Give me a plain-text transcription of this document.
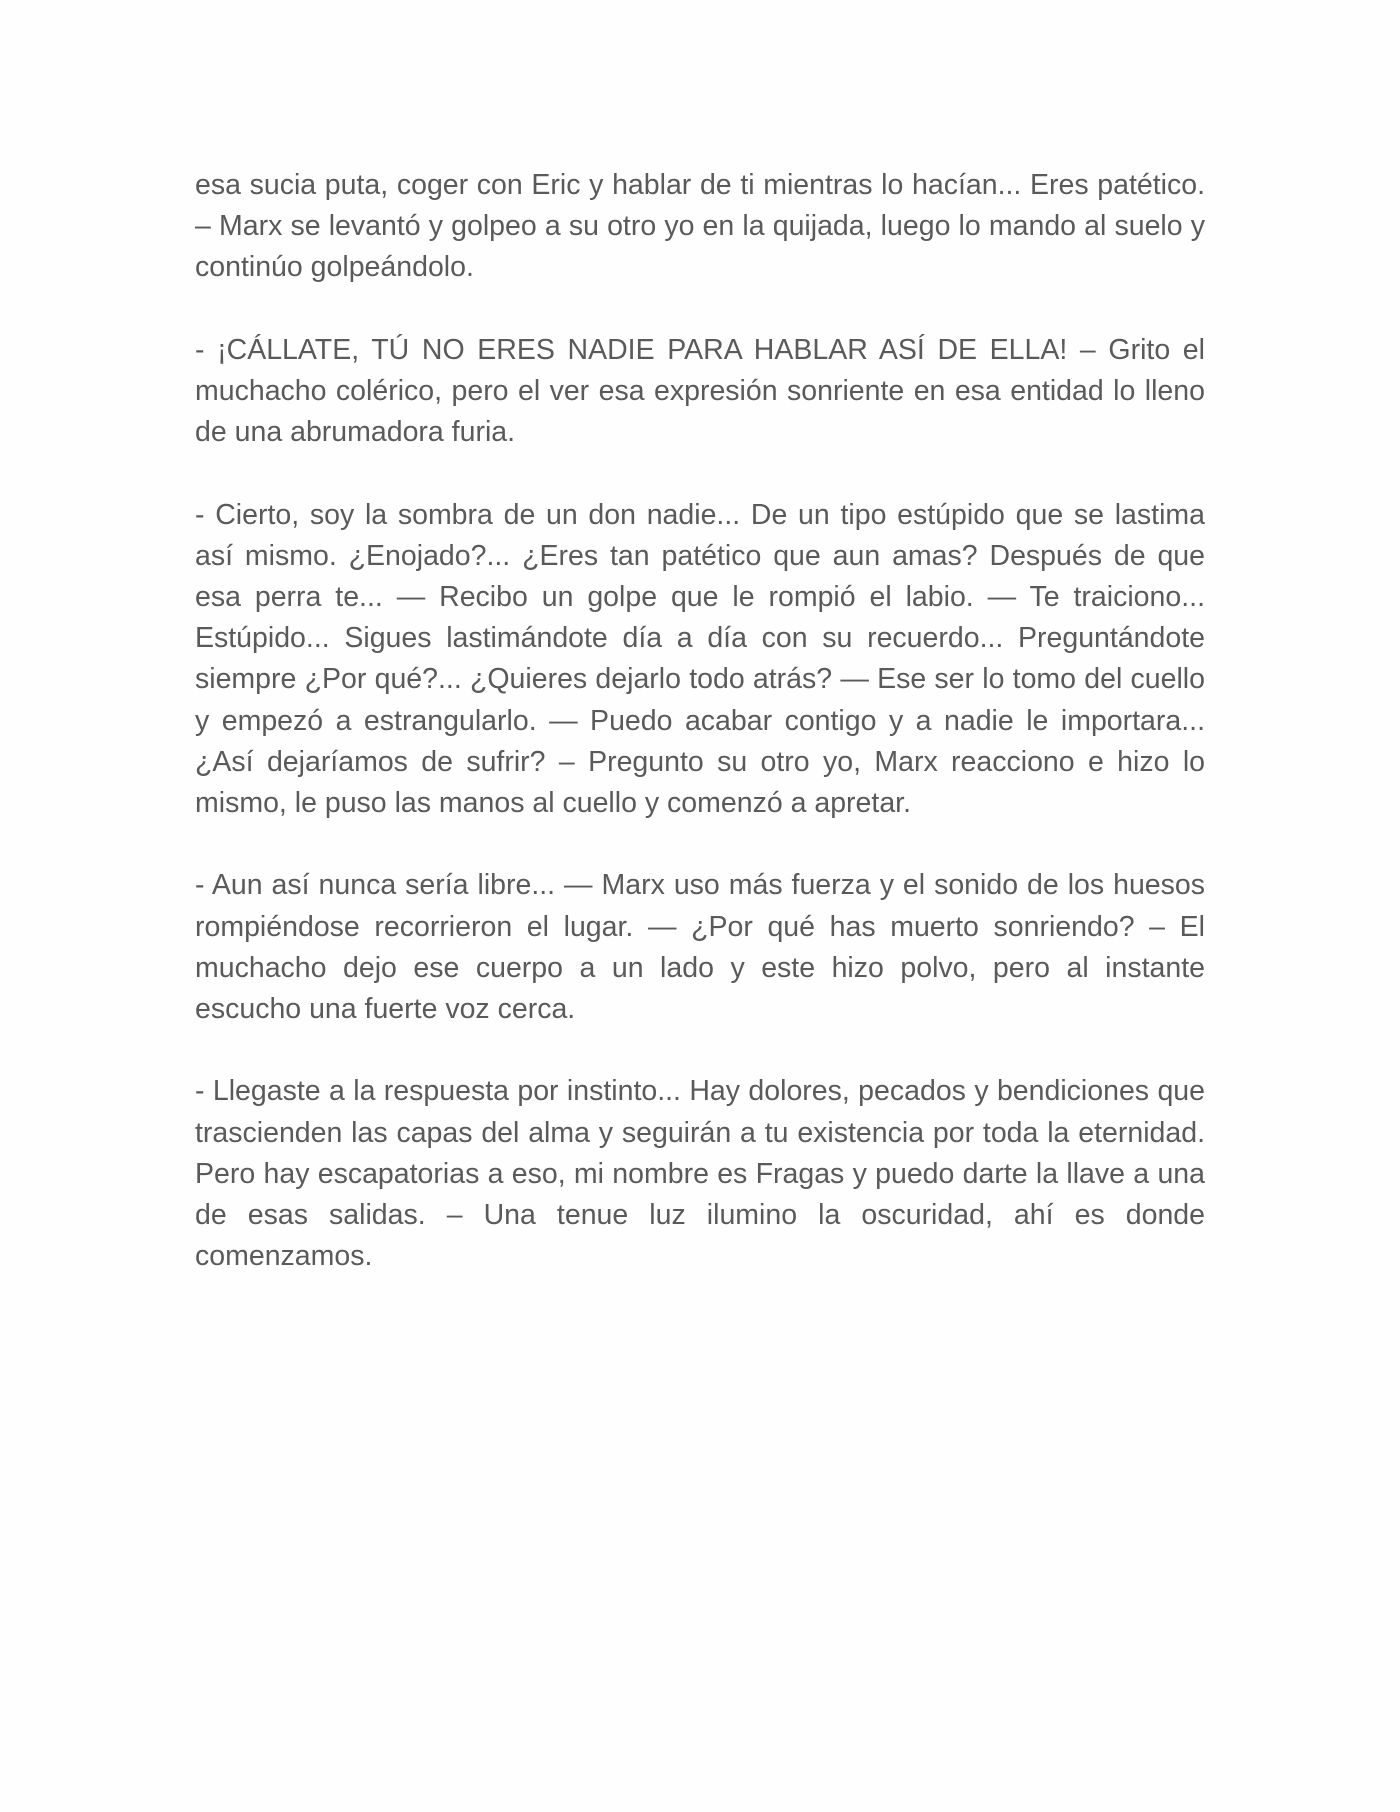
esa sucia puta, coger con Eric y hablar de ti mientras lo hacían... Eres patético. – Marx se levantó y golpeo a su otro yo en la quijada, luego lo mando al suelo y continúo golpeándolo.

- ¡CÁLLATE, TÚ NO ERES NADIE PARA HABLAR ASÍ DE ELLA! – Grito el muchacho colérico, pero el ver esa expresión sonriente en esa entidad lo lleno de una abrumadora furia.

- Cierto, soy la sombra de un don nadie... De un tipo estúpido que se lastima así mismo. ¿Enojado?... ¿Eres tan patético que aun amas? Después de que esa perra te... — Recibo un golpe que le rompió el labio. — Te traiciono... Estúpido... Sigues lastimándote día a día con su recuerdo... Preguntándote siempre ¿Por qué?... ¿Quieres dejarlo todo atrás? — Ese ser lo tomo del cuello y empezó a estrangularlo. — Puedo acabar contigo y a nadie le importara... ¿Así dejaríamos de sufrir? – Pregunto su otro yo, Marx reacciono e hizo lo mismo, le puso las manos al cuello y comenzó a apretar.

- Aun así nunca sería libre... — Marx uso más fuerza y el sonido de los huesos rompiéndose recorrieron el lugar. — ¿Por qué has muerto sonriendo? – El muchacho dejo ese cuerpo a un lado y este hizo polvo, pero al instante escucho una fuerte voz cerca.

- Llegaste a la respuesta por instinto... Hay dolores, pecados y bendiciones que trascienden las capas del alma y seguirán a tu existencia por toda la eternidad. Pero hay escapatorias a eso, mi nombre es Fragas y puedo darte la llave a una de esas salidas. – Una tenue luz ilumino la oscuridad, ahí es donde comenzamos.
